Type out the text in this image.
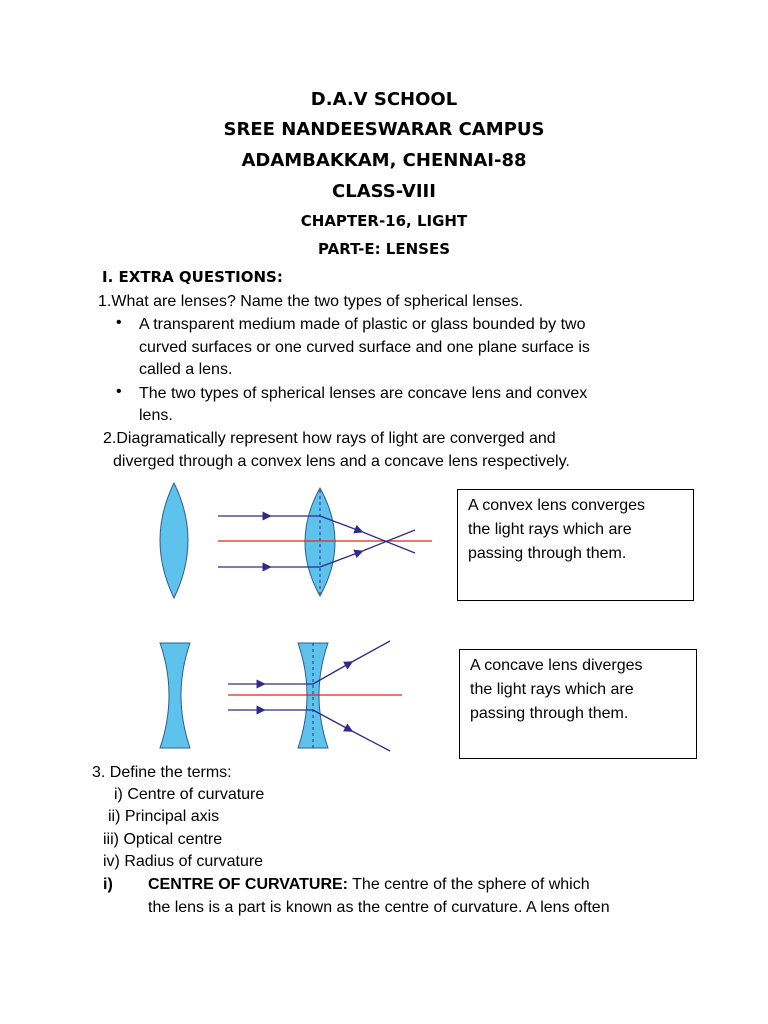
D.A.V SCHOOL
SREE NANDEESWARAR CAMPUS
ADAMBAKKAM, CHENNAI-88
CLASS-VIII
CHAPTER-16, LIGHT
PART-E: LENSES
I. EXTRA QUESTIONS:
1.What are lenses? Name the two types of spherical lenses.
• A transparent medium made of plastic or glass bounded by two
curved surfaces or one curved surface and one plane surface is
called a lens.
• The two types of spherical lenses are concave lens and convex
lens.
2.Diagramatically represent how rays of light are converged and
diverged through a convex lens and a concave lens respectively.
A convex lens converges
the light rays which are
passing through them.
A concave lens diverges
the light rays which are
passing through them.
3. Define the terms:
i) Centre of curvature
ii) Principal axis
iii) Optical centre
iv) Radius of curvature
i) CENTRE OF CURVATURE: The centre of the sphere of which
the lens is a part is known as the centre of curvature. A lens often
